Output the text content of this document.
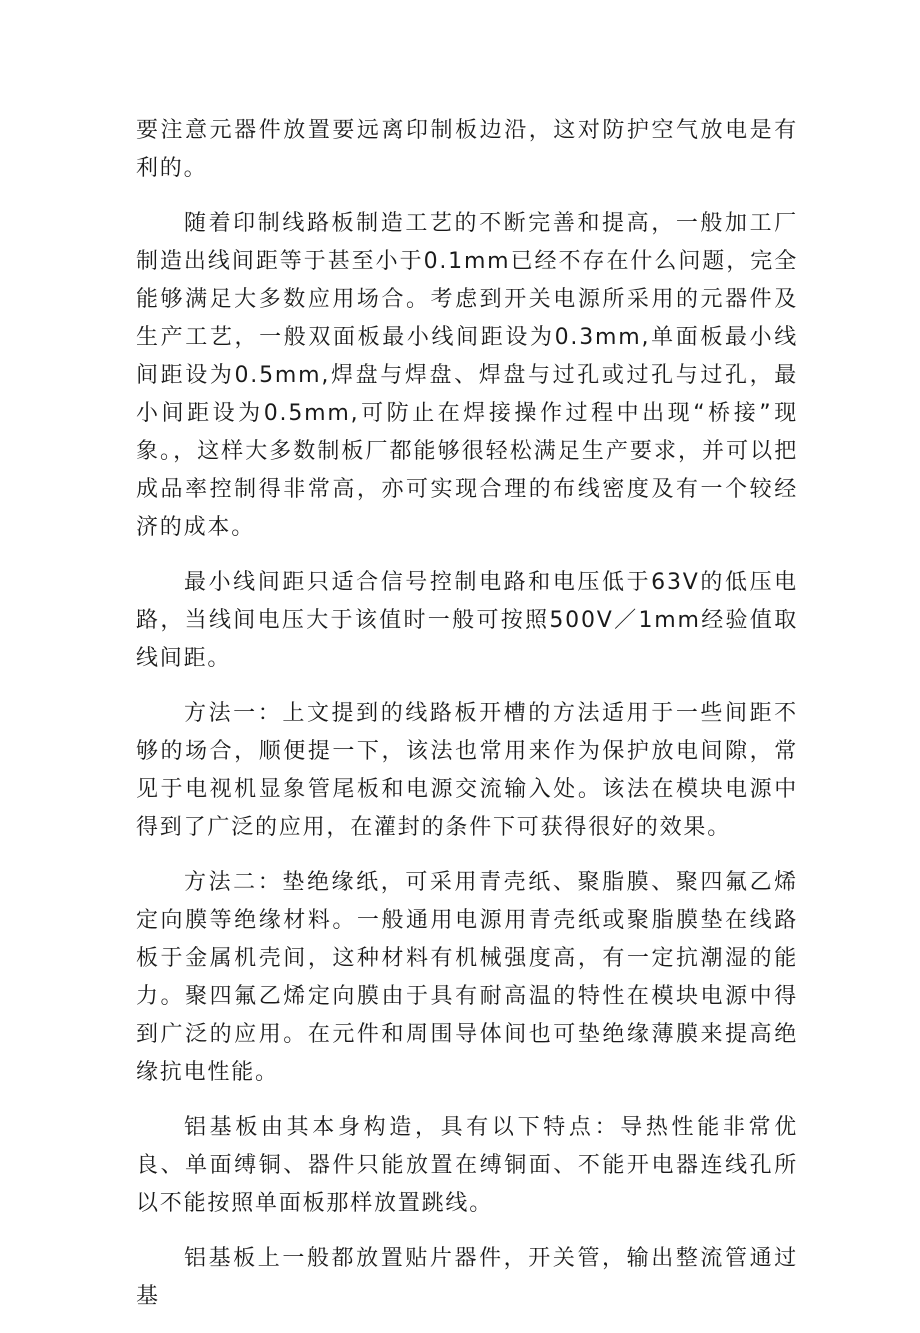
要注意元器件放置要远离印制板边沿，这对防护空气放电是有利的。

随着印制线路板制造工艺的不断完善和提高，一般加工厂制造出线间距等于甚至小于0.1mm已经不存在什么问题，完全能够满足大多数应用场合。考虑到开关电源所采用的元器件及生产工艺，一般双面板最小线间距设为0.3mm,单面板最小线间距设为0.5mm,焊盘与焊盘、焊盘与过孔或过孔与过孔，最小间距设为0.5mm,可防止在焊接操作过程中出现“桥接”现象。，这样大多数制板厂都能够很轻松满足生产要求，并可以把成品率控制得非常高，亦可实现合理的布线密度及有一个较经济的成本。

最小线间距只适合信号控制电路和电压低于63V的低压电路，当线间电压大于该值时一般可按照500V／1mm经验值取线间距。

方法一：上文提到的线路板开槽的方法适用于一些间距不够的场合，顺便提一下，该法也常用来作为保护放电间隙，常见于电视机显象管尾板和电源交流输入处。该法在模块电源中得到了广泛的应用，在灌封的条件下可获得很好的效果。

方法二：垫绝缘纸，可采用青壳纸、聚脂膜、聚四氟乙烯定向膜等绝缘材料。一般通用电源用青壳纸或聚脂膜垫在线路板于金属机壳间，这种材料有机械强度高，有一定抗潮湿的能力。聚四氟乙烯定向膜由于具有耐高温的特性在模块电源中得到广泛的应用。在元件和周围导体间也可垫绝缘薄膜来提高绝缘抗电性能。

铝基板由其本身构造，具有以下特点：导热性能非常优良、单面缚铜、器件只能放置在缚铜面、不能开电器连线孔所以不能按照单面板那样放置跳线。

铝基板上一般都放置贴片器件，开关管，输出整流管通过基
